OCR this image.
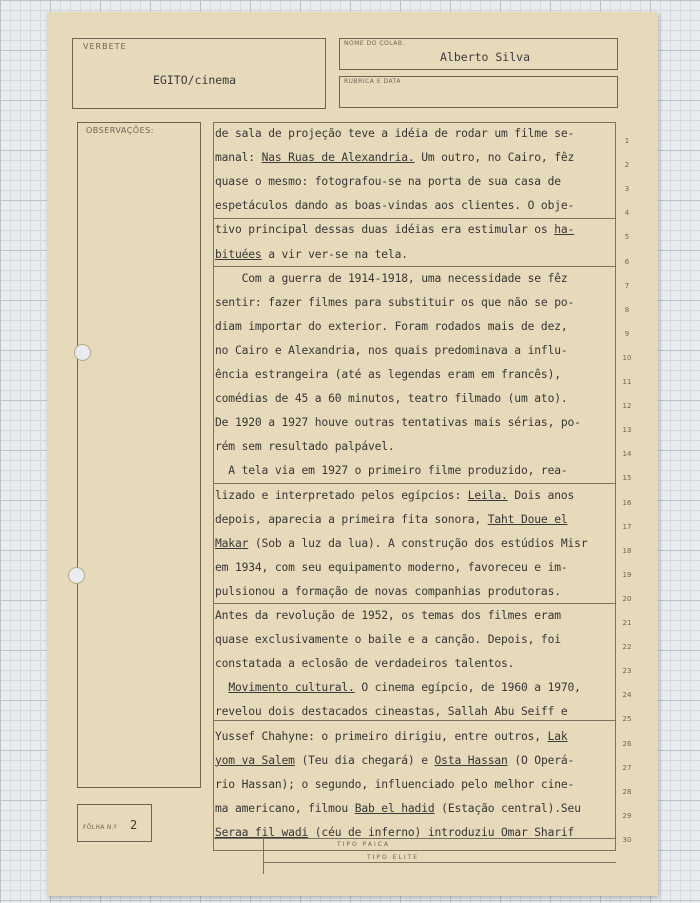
VERBETE
EGITO/cinema
NOME DO COLAB.
Alberto Silva
RUBRICA E DATA
OBSERVAÇÕES:
FÔLHA N.º 2
TIPO PAICA
TIPO ELITE
de sala de projeção teve a idéia de rodar um filme se-
1
manal: Nas Ruas de Alexandria. Um outro, no Cairo, fêz
2
quase o mesmo: fotografou-se na porta de sua casa de
3
espetáculos dando as boas-vindas aos clientes. O obje-
4
tivo principal dessas duas idéias era estimular os ha-
5
bituées a vir ver-se na tela.
6
Com a guerra de 1914-1918, uma necessidade se fêz
7
sentir: fazer filmes para substituir os que não se po-
8
diam importar do exterior. Foram rodados mais de dez,
9
no Cairo e Alexandria, nos quais predominava a influ-
10
ência estrangeira (até as legendas eram em francês),
11
comédias de 45 a 60 minutos, teatro filmado (um ato).
12
De 1920 a 1927 houve outras tentativas mais sérias, po-
13
rém sem resultado palpável.
14
A tela via em 1927 o primeiro filme produzido, rea-
15
lizado e interpretado pelos egípcios: Leila. Dois anos
16
depois, aparecia a primeira fita sonora, Taht Doue el
17
Makar (Sob a luz da lua). A construção dos estúdios Misr
18
em 1934, com seu equipamento moderno, favoreceu e im-
19
pulsionou a formação de novas companhias produtoras.
20
Antes da revolução de 1952, os temas dos filmes eram
21
quase exclusivamente o baile e a canção. Depois, foi
22
constatada a eclosão de verdadeiros talentos.
23
Movimento cultural. O cinema egípcio, de 1960 a 1970,
24
revelou dois destacados cineastas, Sallah Abu Seiff e
25
Yussef Chahyne: o primeiro dirigiu, entre outros, Lak
26
yom va Salem (Teu dia chegará) e Osta Hassan (O Operá-
27
rio Hassan); o segundo, influenciado pelo melhor cine-
28
ma americano, filmou Bab el hadid (Estação central).Seu
29
Seraa fil wadi (céu de inferno) introduziu Omar Sharif
30
